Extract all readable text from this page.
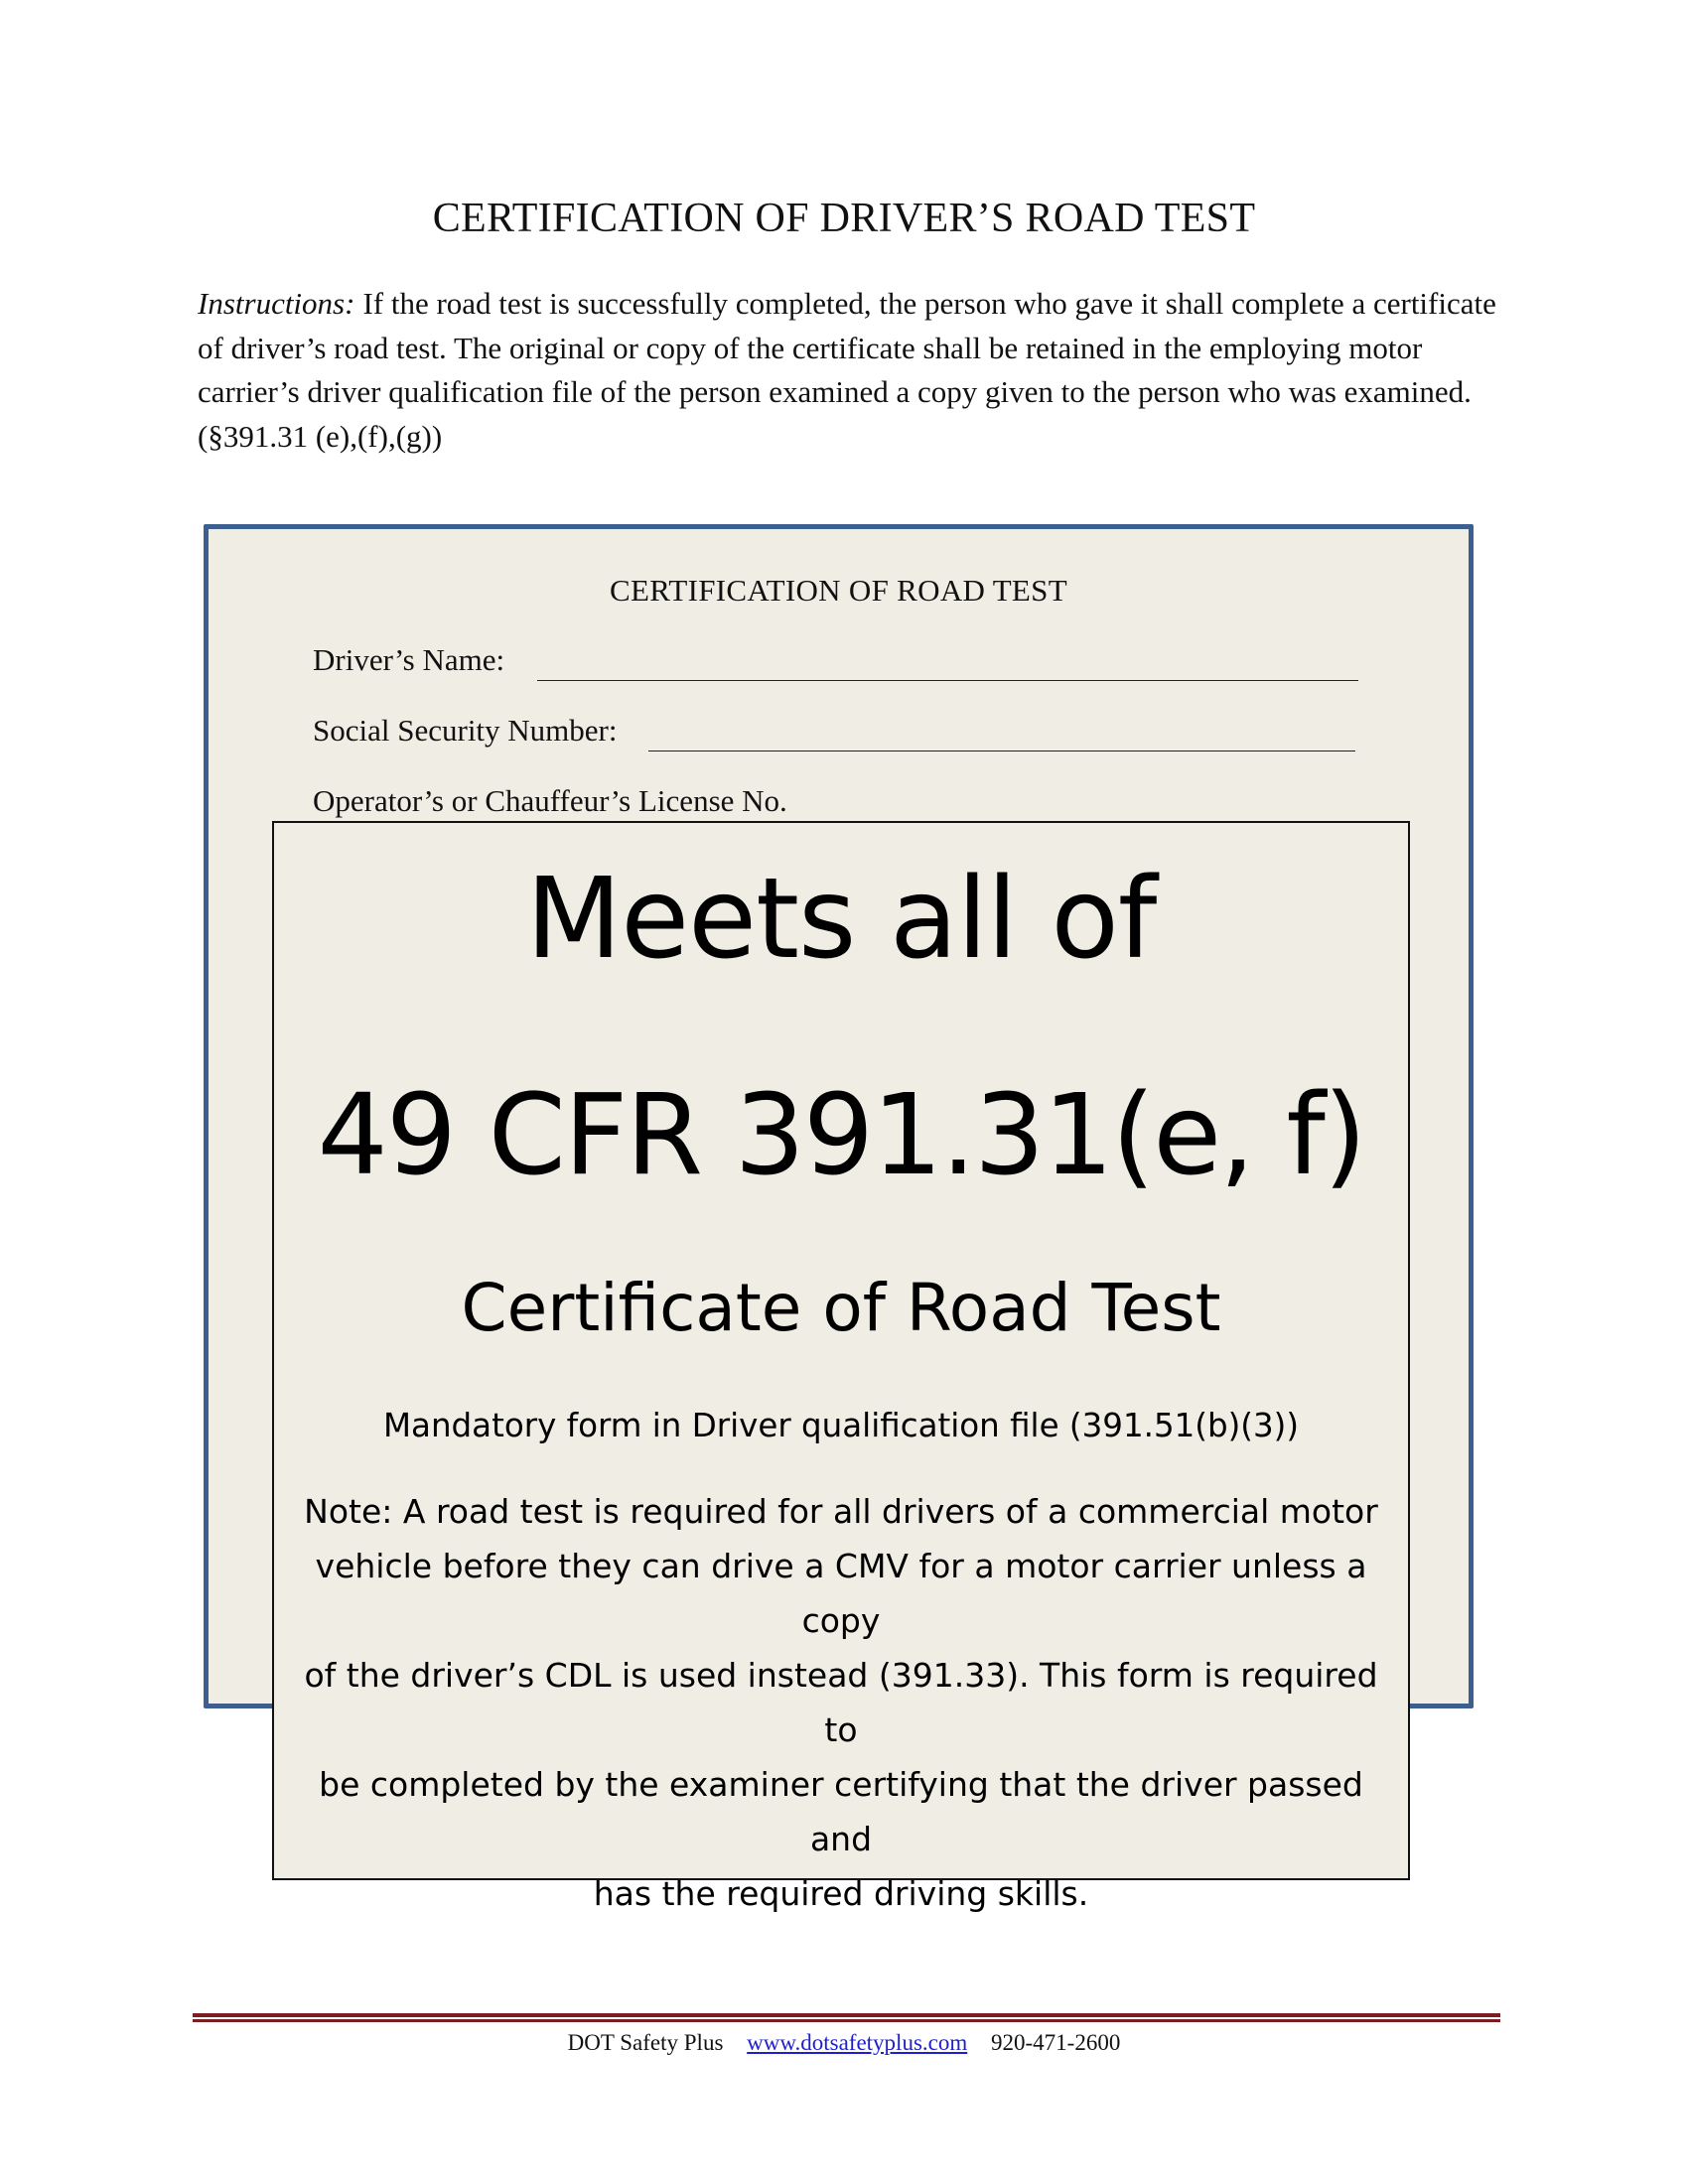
CERTIFICATION OF DRIVER’S ROAD TEST

Instructions: If the road test is successfully completed, the person who gave it shall complete a certificate of driver’s road test. The original or copy of the certificate shall be retained in the employing motor carrier’s driver qualification file of the person examined a copy given to the person who was examined. (§391.31 (e),(f),(g))

CERTIFICATION OF ROAD TEST
Driver’s Name:
Social Security Number:
Operator’s or Chauffeur’s License No.
Meets all of
49 CFR 391.31(e, f)
Certificate of Road Test
Mandatory form in Driver qualification file (391.51(b)(3))
Note: A road test is required for all drivers of a commercial motor
vehicle before they can drive a CMV for a motor carrier unless a copy
of the driver’s CDL is used instead (391.33). This form is required to
be completed by the examiner certifying that the driver passed and
has the required driving skills.
DOT Safety Plus www.dotsafetyplus.com 920-471-2600
